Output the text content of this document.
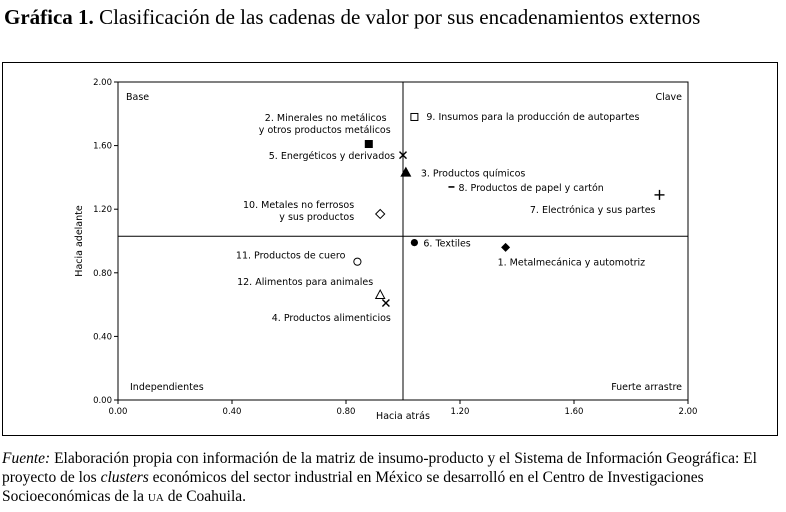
Gráfica 1. Clasificación de las cadenas de valor por sus encadenamientos externos
0.00	0.40	0.80	1.20	1.60	2.00
0.00
0.40
0.80
1.20
1.60
2.00
Base	Clave
Independientes	Fuerte arrastre
1. Metalmecánica y automotriz
2. Minerales no metálicos
y otros productos metálicos
3. Productos químicos
4. Productos alimenticios
5. Energéticos y derivados
6. Textiles
7. Electrónica y sus partes
8. Productos de papel y cartón
9. Insumos para la producción de autopartes
10. Metales no ferrosos
y sus productos
11. Productos de cuero
12. Alimentos para animales
Hacia atrás
Hacia adelante
Fuente: Elaboración propia con información de la matriz de insumo-producto y el Sistema de Información Geográfica: El proyecto de los clusters económicos del sector industrial en México se desarrolló en el Centro de Investigaciones Socioeconómicas de la UA de Coahuila.
